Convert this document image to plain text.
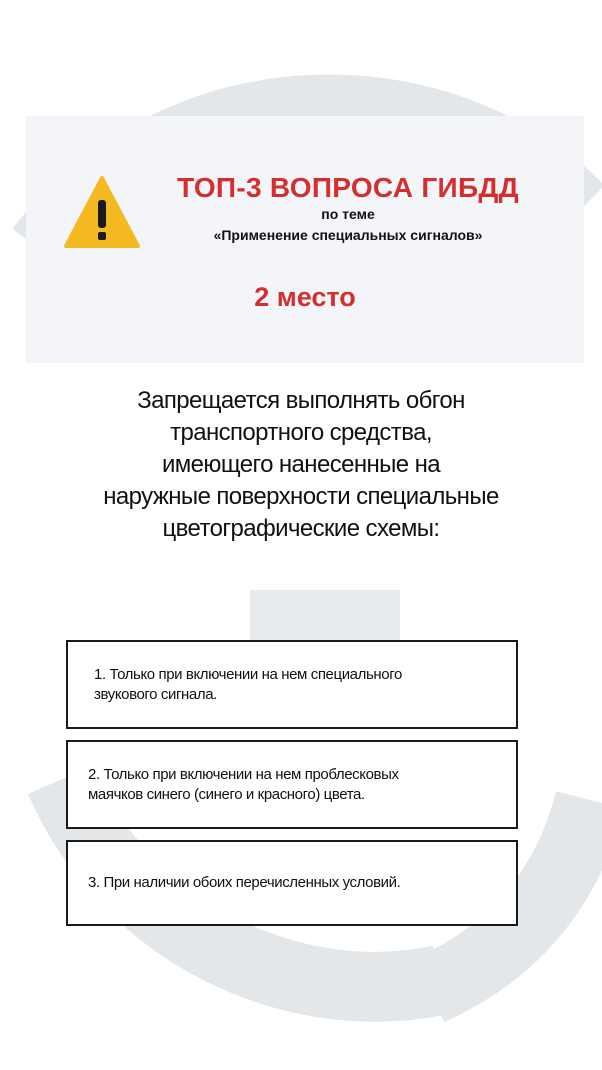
ТОП-3 ВОПРОСА ГИБДД
по теме
«Применение специальных сигналов»
2 место
Запрещается выполнять обгон
транспортного средства,
имеющего нанесенные на
наружные поверхности специальные
цветографические схемы:
1. Только при включении на нем специального
звукового сигнала.
2. Только при включении на нем проблесковых
маячков синего (синего и красного) цвета.
3. При наличии обоих перечисленных условий.
